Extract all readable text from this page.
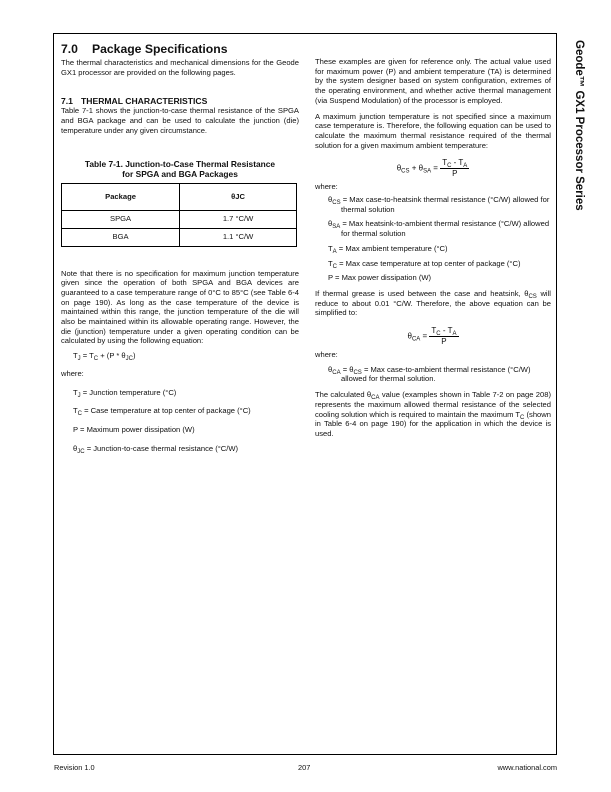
Geode™ GX1 Processor Series
7.0 Package Specifications

The thermal characteristics and mechanical dimensions for the Geode GX1 processor are provided on the following pages.

7.1 THERMAL CHARACTERISTICS

Table 7-1 shows the junction-to-case thermal resistance of the SPGA and BGA package and can be used to calculate the junction (die) temperature under any given circumstance.

Table 7-1. Junction-to-Case Thermal Resistance
for SPGA and BGA Packages
Package	θJC
SPGA	1.7 °C/W
BGA	1.1 °C/W

Note that there is no specification for maximum junction temperature given since the operation of both SPGA and BGA devices are guaranteed to a case temperature range of 0°C to 85°C (see Table 6-4 on page 190). As long as the case temperature of the device is maintained within this range, the junction temperature of the die will also be maintained within its allowable operating range. However, the die (junction) temperature under a given operating condition can be calculated by using the following equation:

$T_J = T_C + (P * \theta_{JC})$
where:
$T_J$ = Junction temperature (°C)
$T_C$ = Case temperature at top center of package (°C)
P = Maximum power dissipation (W)
$\theta_{JC}$ = Junction-to-case thermal resistance (°C/W)

These examples are given for reference only. The actual value used for maximum power (P) and ambient temperature (TA) is determined by the system designer based on system configuration, extremes of the operating environment, and whether active thermal management (via Suspend Modulation) of the processor is employed.

A maximum junction temperature is not specified since a maximum case temperature is. Therefore, the following equation can be used to calculate the maximum thermal resistance required of the thermal solution for a given maximum ambient temperature:

$\theta_{CS} + \theta_{SA} = \frac{T_C - T_A}{P}$
where:
$\theta_{CS}$ = Max case-to-heatsink thermal resistance (°C/W) allowed for thermal solution
$\theta_{SA}$ = Max heatsink-to-ambient thermal resistance (°C/W) allowed for thermal solution
$T_A$ = Max ambient temperature (°C)
$T_C$ = Max case temperature at top center of package (°C)
P = Max power dissipation (W)

If thermal grease is used between the case and heatsink, $\theta_{CS}$ will reduce to about 0.01 °C/W. Therefore, the above equation can be simplified to:

$\theta_{CA} = \frac{T_C - T_A}{P}$
where:
$\theta_{CA} = \theta_{CS}$ = Max case-to-ambient thermal resistance (°C/W) allowed for thermal solution.

The calculated $\theta_{CA}$ value (examples shown in Table 7-2 on page 208) represents the maximum allowed thermal resistance of the selected cooling solution which is required to maintain the maximum $T_C$ (shown in Table 6-4 on page 190) for the application in which the device is used.

Revision 1.0	207	www.national.com
